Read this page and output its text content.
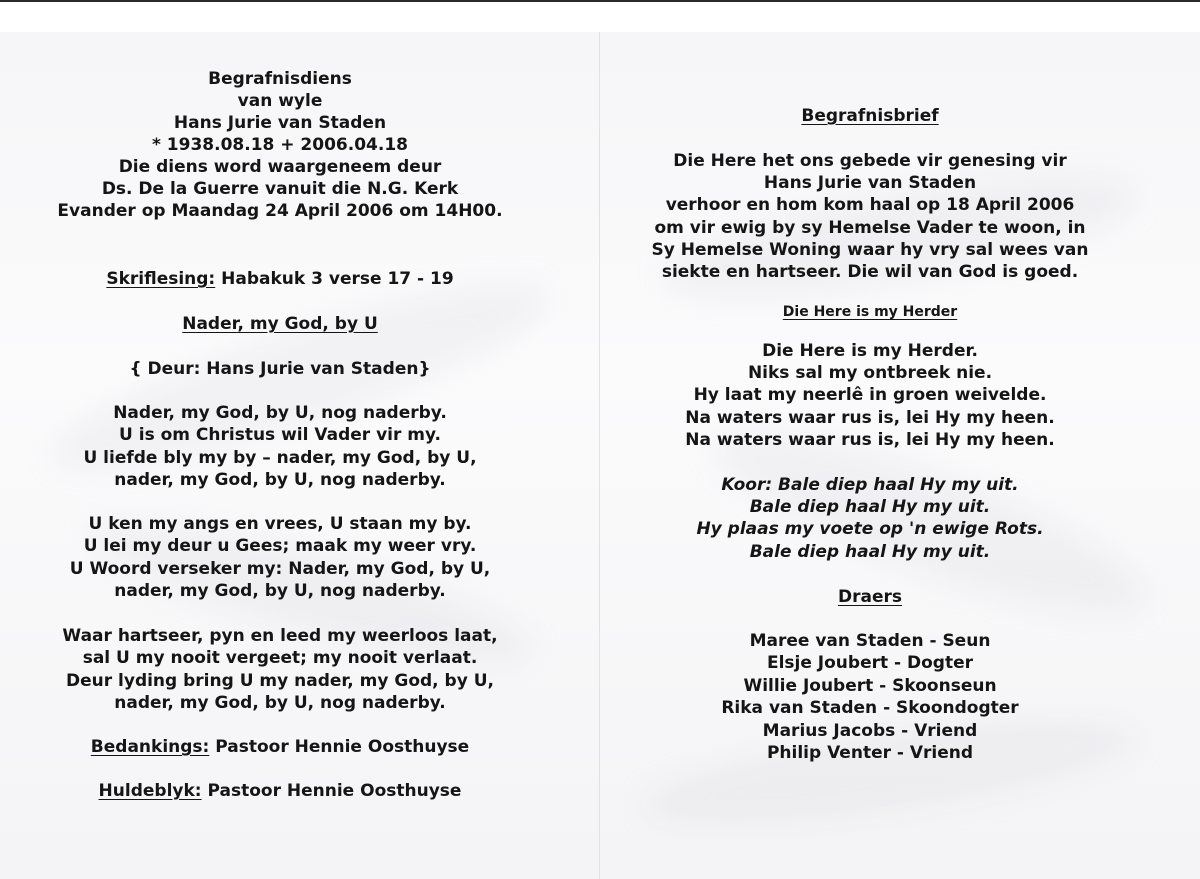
Begrafnisdiens
van wyle
Hans Jurie van Staden
* 1938.08.18 + 2006.04.18
Die diens word waargeneem deur
Ds. De la Guerre vanuit die N.G. Kerk
Evander op Maandag 24 April 2006 om 14H00.
Skriflesing: Habakuk 3 verse 17 - 19
Nader, my God, by U
{ Deur: Hans Jurie van Staden}
Nader, my God, by U, nog naderby.
U is om Christus wil Vader vir my.
U liefde bly my by – nader, my God, by U,
nader, my God, by U, nog naderby.
U ken my angs en vrees, U staan my by.
U lei my deur u Gees; maak my weer vry.
U Woord verseker my: Nader, my God, by U,
nader, my God, by U, nog naderby.
Waar hartseer, pyn en leed my weerloos laat,
sal U my nooit vergeet; my nooit verlaat.
Deur lyding bring U my nader, my God, by U,
nader, my God, by U, nog naderby.
Bedankings: Pastoor Hennie Oosthuyse
Huldeblyk: Pastoor Hennie Oosthuyse
Begrafnisbrief
Die Here het ons gebede vir genesing vir
Hans Jurie van Staden
verhoor en hom kom haal op 18 April 2006
om vir ewig by sy Hemelse Vader te woon, in
Sy Hemelse Woning waar hy vry sal wees van
siekte en hartseer. Die wil van God is goed.
Die Here is my Herder
Die Here is my Herder.
Niks sal my ontbreek nie.
Hy laat my neerlê in groen weivelde.
Na waters waar rus is, lei Hy my heen.
Na waters waar rus is, lei Hy my heen.
Koor: Bale diep haal Hy my uit.
Bale diep haal Hy my uit.
Hy plaas my voete op 'n ewige Rots.
Bale diep haal Hy my uit.
Draers
Maree van Staden - Seun
Elsje Joubert - Dogter
Willie Joubert - Skoonseun
Rika van Staden - Skoondogter
Marius Jacobs - Vriend
Philip Venter - Vriend
